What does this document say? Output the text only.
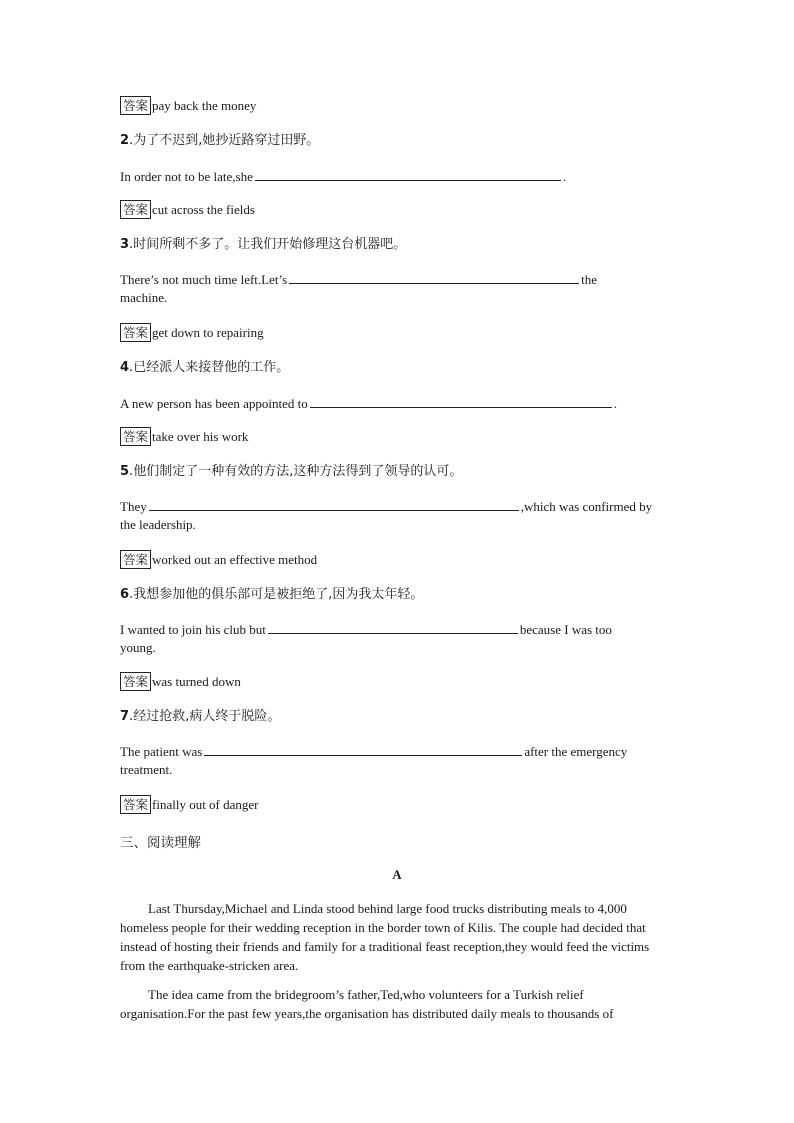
答案 pay back the money
2.为了不迟到,她抄近路穿过田野。
In order not to be late,she	.
答案 cut across the fields
3.时间所剩不多了。让我们开始修理这台机器吧。
There’s not much time left.Let’s	the
machine.
答案 get down to repairing
4.已经派人来接替他的工作。
A new person has been appointed to	.
答案 take over his work
5.他们制定了一种有效的方法,这种方法得到了领导的认可。
They	,which was confirmed by
the leadership.
答案 worked out an effective method
6.我想参加他的俱乐部可是被拒绝了,因为我太年轻。
I wanted to join his club but	because I was too
young.
答案 was turned down
7.经过抢救,病人终于脱险。
The patient was	after the emergency
treatment.
答案 finally out of danger
三、阅读理解
A
Last Thursday,Michael and Linda stood behind large food trucks distributing meals to 4,000 homeless people for their wedding reception in the border town of Kilis. The couple had decided that instead of hosting their friends and family for a traditional feast reception,they would feed the victims from the earthquake-stricken area.
The idea came from the bridegroom’s father,Ted,who volunteers for a Turkish relief organisation.For the past few years,the organisation has distributed daily meals to thousands of
